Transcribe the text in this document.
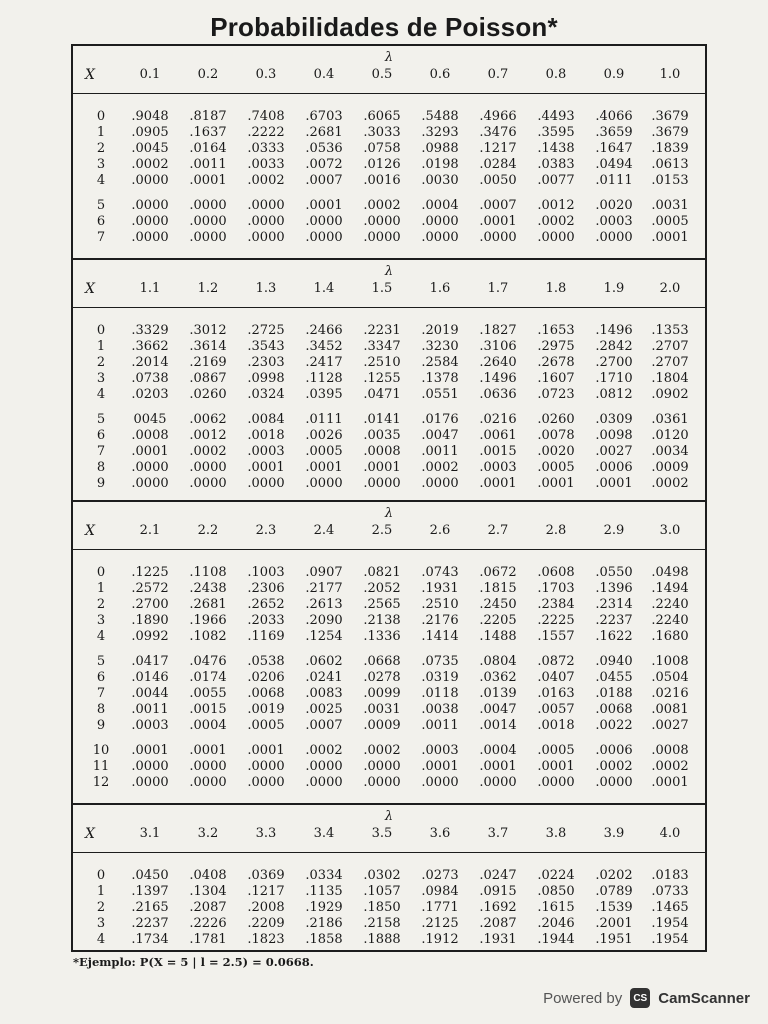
Probabilidades de Poisson*
λ
X	0.1	0.2	0.3	0.4	0.5	0.6	0.7	0.8	0.9	1.0
0	.9048	.8187	.7408	.6703	.6065	.5488	.4966	.4493	.4066	.3679
1	.0905	.1637	.2222	.2681	.3033	.3293	.3476	.3595	.3659	.3679
2	.0045	.0164	.0333	.0536	.0758	.0988	.1217	.1438	.1647	.1839
3	.0002	.0011	.0033	.0072	.0126	.0198	.0284	.0383	.0494	.0613
4	.0000	.0001	.0002	.0007	.0016	.0030	.0050	.0077	.0111	.0153
5	.0000	.0000	.0000	.0001	.0002	.0004	.0007	.0012	.0020	.0031
6	.0000	.0000	.0000	.0000	.0000	.0000	.0001	.0002	.0003	.0005
7	.0000	.0000	.0000	.0000	.0000	.0000	.0000	.0000	.0000	.0001
λ
X	1.1	1.2	1.3	1.4	1.5	1.6	1.7	1.8	1.9	2.0
0	.3329	.3012	.2725	.2466	.2231	.2019	.1827	.1653	.1496	.1353
1	.3662	.3614	.3543	.3452	.3347	.3230	.3106	.2975	.2842	.2707
2	.2014	.2169	.2303	.2417	.2510	.2584	.2640	.2678	.2700	.2707
3	.0738	.0867	.0998	.1128	.1255	.1378	.1496	.1607	.1710	.1804
4	.0203	.0260	.0324	.0395	.0471	.0551	.0636	.0723	.0812	.0902
5	0045	.0062	.0084	.0111	.0141	.0176	.0216	.0260	.0309	.0361
6	.0008	.0012	.0018	.0026	.0035	.0047	.0061	.0078	.0098	.0120
7	.0001	.0002	.0003	.0005	.0008	.0011	.0015	.0020	.0027	.0034
8	.0000	.0000	.0001	.0001	.0001	.0002	.0003	.0005	.0006	.0009
9	.0000	.0000	.0000	.0000	.0000	.0000	.0001	.0001	.0001	.0002
λ
X	2.1	2.2	2.3	2.4	2.5	2.6	2.7	2.8	2.9	3.0
0	.1225	.1108	.1003	.0907	.0821	.0743	.0672	.0608	.0550	.0498
1	.2572	.2438	.2306	.2177	.2052	.1931	.1815	.1703	.1396	.1494
2	.2700	.2681	.2652	.2613	.2565	.2510	.2450	.2384	.2314	.2240
3	.1890	.1966	.2033	.2090	.2138	.2176	.2205	.2225	.2237	.2240
4	.0992	.1082	.1169	.1254	.1336	.1414	.1488	.1557	.1622	.1680
5	.0417	.0476	.0538	.0602	.0668	.0735	.0804	.0872	.0940	.1008
6	.0146	.0174	.0206	.0241	.0278	.0319	.0362	.0407	.0455	.0504
7	.0044	.0055	.0068	.0083	.0099	.0118	.0139	.0163	.0188	.0216
8	.0011	.0015	.0019	.0025	.0031	.0038	.0047	.0057	.0068	.0081
9	.0003	.0004	.0005	.0007	.0009	.0011	.0014	.0018	.0022	.0027
10	.0001	.0001	.0001	.0002	.0002	.0003	.0004	.0005	.0006	.0008
11	.0000	.0000	.0000	.0000	.0000	.0001	.0001	.0001	.0002	.0002
12	.0000	.0000	.0000	.0000	.0000	.0000	.0000	.0000	.0000	.0001
λ
X	3.1	3.2	3.3	3.4	3.5	3.6	3.7	3.8	3.9	4.0
0	.0450	.0408	.0369	.0334	.0302	.0273	.0247	.0224	.0202	.0183
1	.1397	.1304	.1217	.1135	.1057	.0984	.0915	.0850	.0789	.0733
2	.2165	.2087	.2008	.1929	.1850	.1771	.1692	.1615	.1539	.1465
3	.2237	.2226	.2209	.2186	.2158	.2125	.2087	.2046	.2001	.1954
4	.1734	.1781	.1823	.1858	.1888	.1912	.1931	.1944	.1951	.1954
*Ejemplo: P(X = 5 | l = 2.5) = 0.0668.
Powered by	CS CamScanner
